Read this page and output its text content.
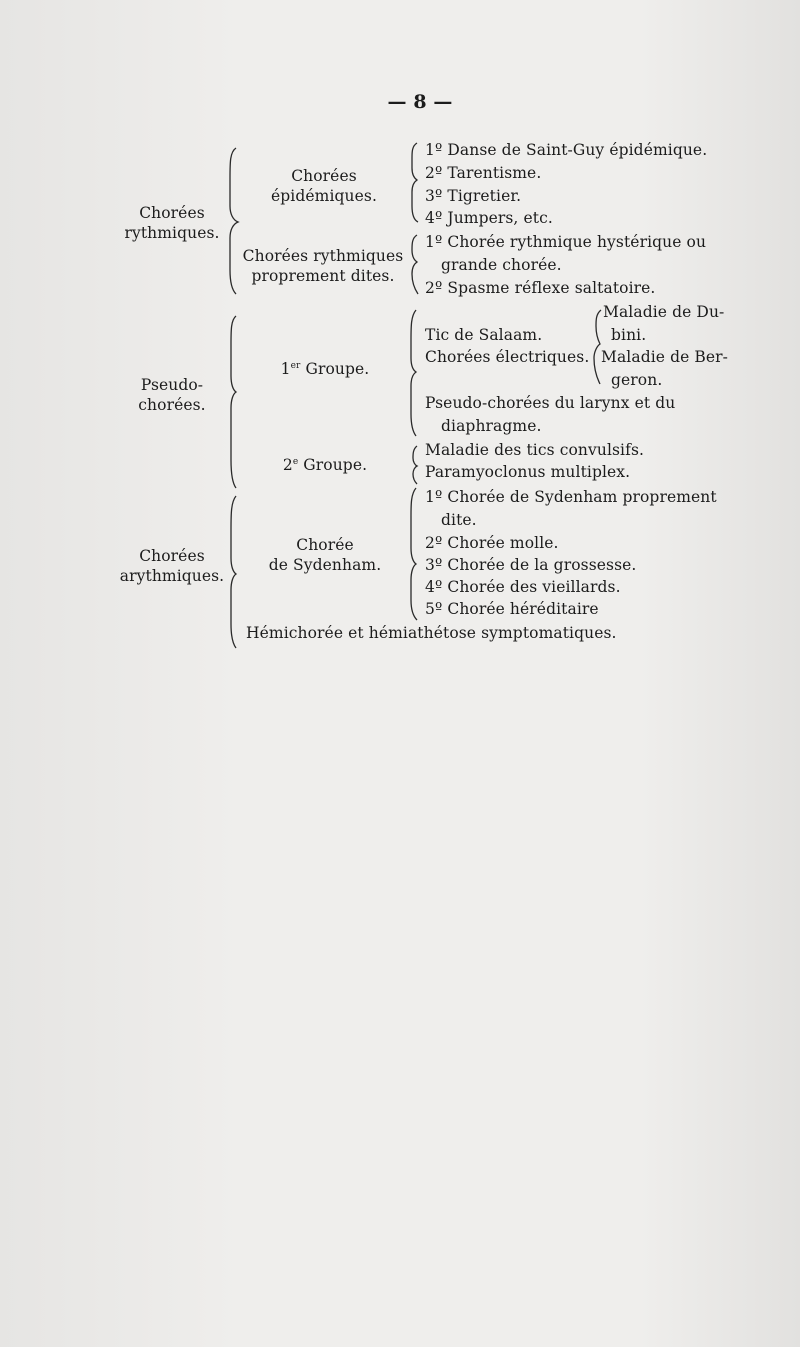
— 8 —
Chorées
rythmiques.
Chorées
épidémiques.
1º Danse de Saint-Guy épidémique.
2º Tarentisme.
3º Tigretier.
4º Jumpers, etc.
Chorées rythmiques
proprement dites.
1º Chorée rythmique hystérique ou
grande chorée.
2º Spasme réflexe saltatoire.
Pseudo-
chorées.
1er Groupe.
Tic de Salaam.
Chorées électriques.
Pseudo-chorées du larynx et du
diaphragme.
Maladie de Du-
bini.
Maladie de Ber-
geron.
2e Groupe.
Maladie des tics convulsifs.
Paramyoclonus multiplex.
Chorées
arythmiques.
Chorée
de Sydenham.
1º Chorée de Sydenham proprement
dite.
2º Chorée molle.
3º Chorée de la grossesse.
4º Chorée des vieillards.
5º Chorée héréditaire
Hémichorée et hémiathétose symptomatiques.
